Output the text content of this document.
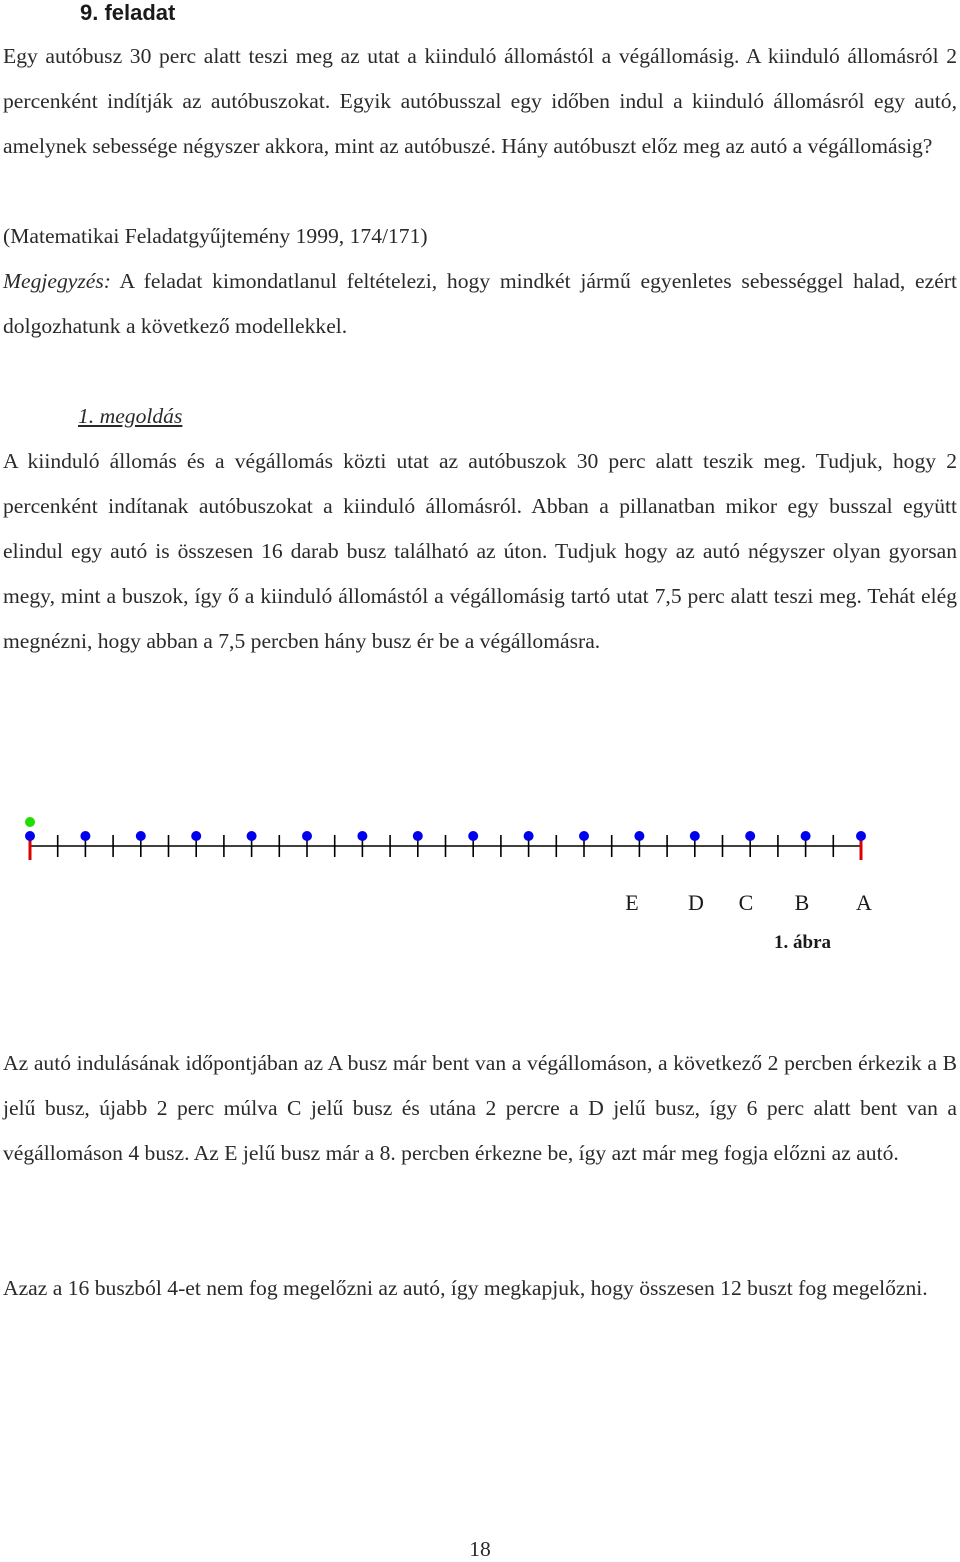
9. feladat

Egy autóbusz 30 perc alatt teszi meg az utat a kiinduló állomástól a végállomásig. A kiinduló állomásról 2 percenként indítják az autóbuszokat. Egyik autóbusszal egy időben indul a kiinduló állomásról egy autó, amelynek sebessége négyszer akkora, mint az autóbuszé. Hány autóbuszt előz meg az autó a végállomásig?

(Matematikai Feladatgyűjtemény 1999, 174/171)

Megjegyzés: A feladat kimondatlanul feltételezi, hogy mindkét jármű egyenletes sebességgel halad, ezért dolgozhatunk a következő modellekkel.

1. megoldás

A kiinduló állomás és a végállomás közti utat az autóbuszok 30 perc alatt teszik meg. Tudjuk, hogy 2 percenként indítanak autóbuszokat a kiinduló állomásról. Abban a pillanatban mikor egy busszal együtt elindul egy autó is összesen 16 darab busz található az úton. Tudjuk hogy az autó négyszer olyan gyorsan megy, mint a buszok, így ő a kiinduló állomástól a végállomásig tartó utat 7,5 perc alatt teszi meg. Tehát elég megnézni, hogy abban a 7,5 percben hány busz ér be a végállomásra.

E D C B A

1. ábra

Az autó indulásának időpontjában az A busz már bent van a végállomáson, a következő 2 percben érkezik a B jelű busz, újabb 2 perc múlva C jelű busz és utána 2 percre a D jelű busz, így 6 perc alatt bent van a végállomáson 4 busz. Az E jelű busz már a 8. percben érkezne be, így azt már meg fogja előzni az autó.

Azaz a 16 buszból 4-et nem fog megelőzni az autó, így megkapjuk, hogy összesen 12 buszt fog megelőzni.

18
